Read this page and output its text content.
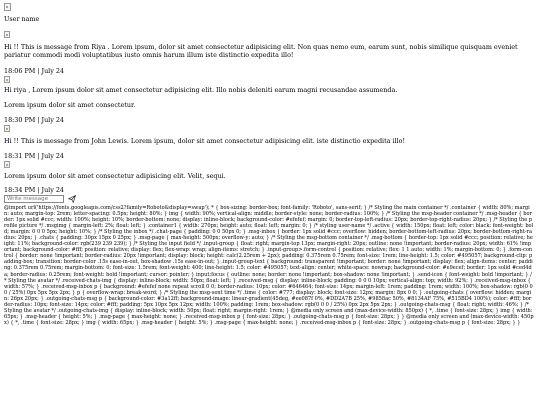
User name

Hi !! This is message from Riya . Lorem ipsum, dolor sit amet consectetur adipisicing elit. Non quas nemo eum, earum sunt, nobis similique quisquam eveniet pariatur commodi modi voluptatibus iusto omnis harum illum iste distinctio expedita illo!

18:06 PM | July 24

Hi riya , Lorem ipsum dolor sit amet consectetur adipisicing elit. Illo nobis deleniti earum magni recusandae assumenda.

Lorem ipsum dolor sit amet consectetur.

18:30 PM | July 24

Hi !! This is message from John Lewis. Lorem ipsum, dolor sit amet consectetur adipisicing elit. iste distinctio expedita illo!

18:31 PM | July 24

Lorem ipsum dolor sit amet consectetur adipisicing elit. Velit, sequi.

18:34 PM | July 24

Write message

@import url('https://fonts.googleapis.com/css2?family=Roboto&display=swap'); * { box-sizing: border-box; font-family: 'Roboto', sans-serif; } /* Styling the main container */ .container { width: 80%; margin: auto; margin-top: 2rem; letter-spacing: 0.5px; height: 80%; } img { width: 90%; vertical-align: middle; border-style: none; border-radius: 100%; } /* Styling the msg-header container */ .msg-header { border: 1px solid #ccc; width: 100%; height: 10%; border-bottom: none; display: inline-block; background-color: #efefef; margin: 0; border-top-left-radius: 20px; border-top-right-radius: 20px; } /* Styling the profile picture */ .msgimg { margin-left: 2%; float: left; } .container1 { width: 270px; height: auto; float: left; margin: 0; } /* styling user-name */ .active { width: 150px; float: left; color: black; font-weight: bold; margin: 0 0 0 5px; height: 10%; } /* Styling the inbox */ .chat-page { padding: 0 0 50px 0; } .msg-inbox { border: 1px solid #ccc; overflow: hidden; border-bottom-left-radius: 20px; border-bottom-right-radius: 20px; } .chats { padding: 30px 15px 0 25px; } .msg-page { max-height: 500px; overflow-y: auto; } /* Styling the msg-bottom container */ .msg-bottom { border-top: 1px solid #ccc; position: relative; height: 11%; background-color: rgb(239 239 239); } /* Styling the input field */ .input-group { float: right; margin-top 13px; margin-right: 20px; outline: none !important; border-radius: 20px; width: 61% !important; background-color: #fff; position: relative; display: flex; flex-wrap: wrap; align-items: stretch; } .input-group>.form-control { position: relative; flex: 1 1 auto; width: 1%; margin-bottom: 0; } .form-control { border: none !important; border-radius: 20px !important; display: block; height: calc(2.25rem + 2px); padding: 0.375rem 0.75rem; font-size: 1rem; line-height: 1.5; color: #495057; background-clip: padding-box; transition: border-color .15s ease-in-out, box-shadow .15s ease-in-out; } .input-group-text { background: transparent !important; border: none !important; display: flex; align-items: center; padding: 0.375rem 0.75rem; margin-bottom: 0; font-size: 1.5rem; font-weight: 400; line-height: 1.5; color: #495057; text-align: center; white-space: nowrap; background-color: #e9ecef; border: 1px solid #ced4da; border-radius: 0.25rem; font-weight: bold !important; cursor: pointer; } input:focus { outline: none; border: none !important; box-shadow: none !important; } .send-icon { font-weight: bold !important; } /* Styling the avatar */ .received-chats-img { display: inline-block; width: 50px; float: left; } .received-msg { display: inline-block; padding: 0 0 0 10px; vertical-align: top; width: 92%; } .received-msg-inbox { width: 57%; } .received-msg-inbox p { background: #efefef none repeat scroll 0 0; border-radius: 10px; color: #646464; font-size: 14px; margin-left: 1rem; padding: 1rem; width: 100%; box-shadow: rgb(0 0 0 / 25%) 0px 5px 5px 2px; } p { overflow-wrap: break-word; } /* Styling the msg-sent time */ .time { color: #777; display: block; font-size: 12px; margin: 8px 0 0; } .outgoing-chats { overflow: hidden; margin: 26px 20px; } .outgoing-chats-msg p { background-color: #3a12ff; background-image: linear-gradient(45deg, #ee087f 0%, #DD2A7B 25%, #9858ac 50%, #8134AF 75%, #515BD4 100%); color: #fff; border-radius: 10px; font-size: 14px; color: #fff; padding: 5px 10px 5px 12px; width: 100%; padding: 1rem; box-shadow: rgb(0 0 0 / 25%) 0px 2px 5px 2px; } .outgoing-chats-msg { float: right; width: 46%; } /* Styling the avatar */ .outgoing-chats-img { display: inline-block; width: 50px; float: right; margin-right: 1rem; } @media only screen and (max-device-width: 850px) { *, .time { font-size: 28px; } img { width: 65px; } .msg-header { height: 5%; } .msg-page { max-height: none; } .received-msg-inbox p { font-size: 28px; } .outgoing-chats-msg p { font-size: 28px; } } @media only screen and (max-device-width: 450px) { *, .time { font-size: 28px; } img { width: 65px; } .msg-header { height: 5%; } .msg-page { max-height: none; } .received-msg-inbox p { font-size: 28px; } .outgoing-chats-msg p { font-size: 28px; } }
